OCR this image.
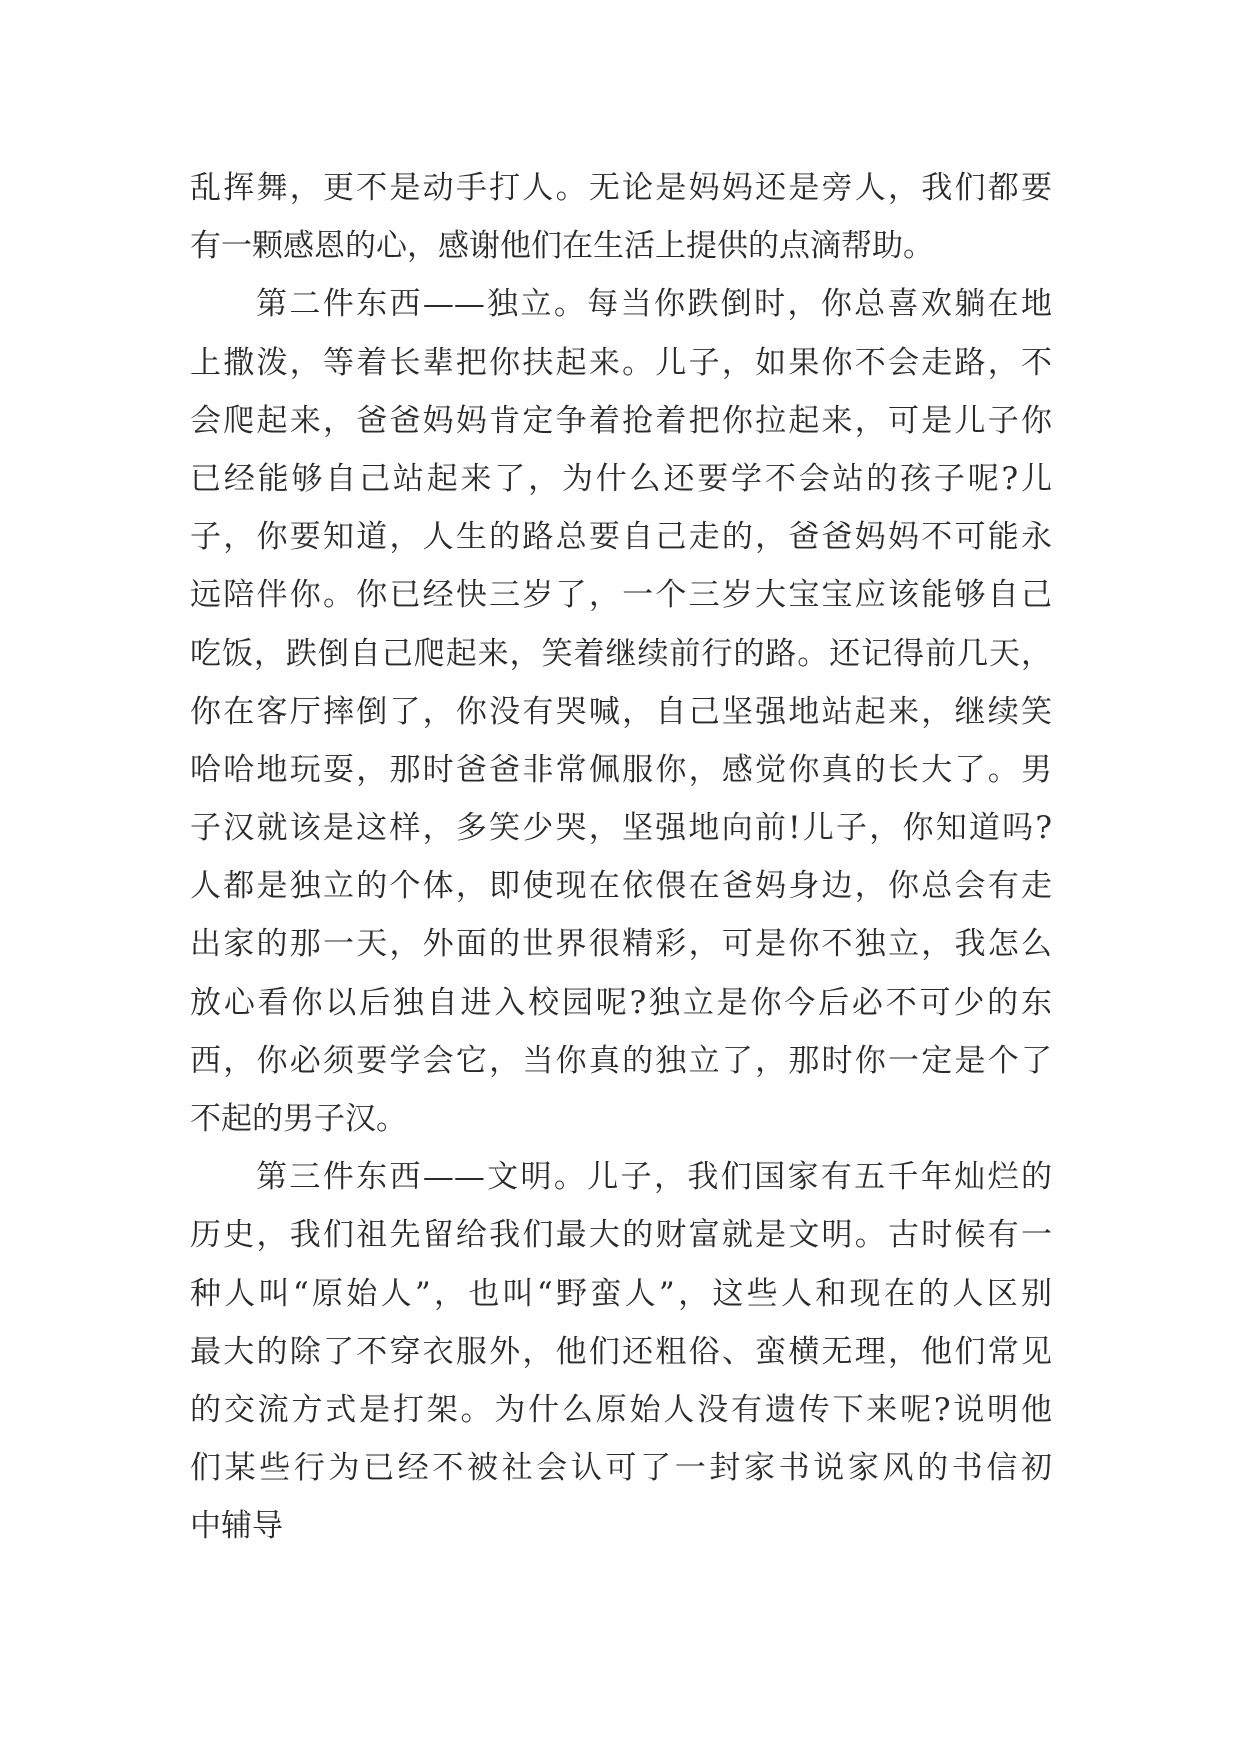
乱挥舞，更不是动手打人。无论是妈妈还是旁人，我们都要
有一颗感恩的心，感谢他们在生活上提供的点滴帮助。
第二件东西——独立。每当你跌倒时，你总喜欢躺在地
上撒泼，等着长辈把你扶起来。儿子，如果你不会走路，不
会爬起来，爸爸妈妈肯定争着抢着把你拉起来，可是儿子你
已经能够自己站起来了，为什么还要学不会站的孩子呢?儿
子，你要知道，人生的路总要自己走的，爸爸妈妈不可能永
远陪伴你。你已经快三岁了，一个三岁大宝宝应该能够自己
吃饭，跌倒自己爬起来，笑着继续前行的路。还记得前几天，
你在客厅摔倒了，你没有哭喊，自己坚强地站起来，继续笑
哈哈地玩耍，那时爸爸非常佩服你，感觉你真的长大了。男
子汉就该是这样，多笑少哭，坚强地向前!儿子，你知道吗?
人都是独立的个体，即使现在依偎在爸妈身边，你总会有走
出家的那一天，外面的世界很精彩，可是你不独立，我怎么
放心看你以后独自进入校园呢?独立是你今后必不可少的东
西，你必须要学会它，当你真的独立了，那时你一定是个了
不起的男子汉。
第三件东西——文明。儿子，我们国家有五千年灿烂的
历史，我们祖先留给我们最大的财富就是文明。古时候有一
种人叫“原始人”，也叫“野蛮人”，这些人和现在的人区别
最大的除了不穿衣服外，他们还粗俗、蛮横无理，他们常见
的交流方式是打架。为什么原始人没有遗传下来呢?说明他
们某些行为已经不被社会认可了一封家书说家风的书信初
中辅导
